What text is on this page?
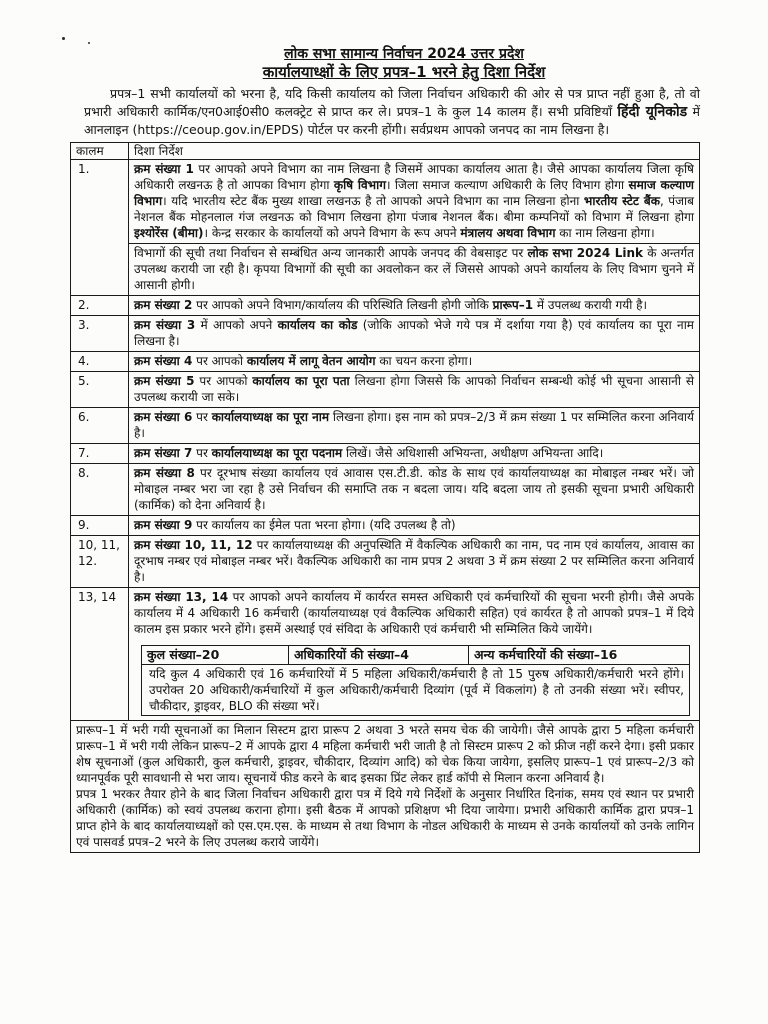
लोक सभा सामान्य निर्वाचन 2024 उत्तर प्रदेश

कार्यालयाध्क्षों के लिए प्रपत्र–1 भरने हेतु दिशा निर्देश

प्रपत्र–1 सभी कार्यालयों को भरना है, यदि किसी कार्यालय को जिला निर्वाचन अधिकारी की ओर से पत्र प्राप्त नहीं हुआ है, तो वो प्रभारी अधिकारी कार्मिक/एन0आई0सी0 कलक्ट्रेट से प्राप्त कर ले। प्रपत्र–1 के कुल 14 कालम हैं। सभी प्रविष्टियाँ हिंदी यूनिकोड में आनलाइन (https://ceoup.gov.in/EPDS) पोर्टल पर करनी होंगी। सर्वप्रथम आपको जनपद का नाम लिखना है।

कालम	दिशा निर्देश
1.	क्रम संख्या 1 पर आपको अपने विभाग का नाम लिखना है जिसमें आपका कार्यालय आता है। जैसे आपका कार्यालय जिला कृषि अधिकारी लखनऊ है तो आपका विभाग होगा कृषि विभाग। जिला समाज कल्याण अधिकारी के लिए विभाग होगा समाज कल्याण विभाग। यदि भारतीय स्टेट बैंक मुख्य शाखा लखनऊ है तो आपको अपने विभाग का नाम लिखना होना भारतीय स्टेट बैंक, पंजाब नेशनल बैंक मोहनलाल गंज लखनऊ को विभाग लिखना होगा पंजाब नेशनल बैंक। बीमा कम्पनियों को विभाग में लिखना होगा इश्योरेंस (बीमा)। केन्द्र सरकार के कार्यालयों को अपने विभाग के रूप अपने मंत्रालय अथवा विभाग का नाम लिखना होगा।
विभागों की सूची तथा निर्वाचन से सम्बंधित अन्य जानकारी आपके जनपद की वेबसाइट पर लोक सभा 2024 Link के अन्तर्गत उपलब्ध करायी जा रही है। कृपया विभागों की सूची का अवलोकन कर लें जिससे आपको अपने कार्यालय के लिए विभाग चुनने में आसानी होगी।
2.	क्रम संख्या 2 पर आपको अपने विभाग/कार्यालय की परिस्थिति लिखनी होगी जोकि प्रारूप–1 में उपलब्ध करायी गयी है।
3.	क्रम संख्या 3 में आपको अपने कार्यालय का कोड (जोकि आपको भेजे गये पत्र में दर्शाया गया है) एवं कार्यालय का पूरा नाम लिखना है।
4.	क्रम संख्या 4 पर आपको कार्यालय में लागू वेतन आयोग का चयन करना होगा।
5.	क्रम संख्या 5 पर आपको कार्यालय का पूरा पता लिखना होगा जिससे कि आपको निर्वाचन सम्बन्धी कोई भी सूचना आसानी से उपलब्ध करायी जा सके।
6.	क्रम संख्या 6 पर कार्यालयाध्यक्ष का पूरा नाम लिखना होगा। इस नाम को प्रपत्र–2/3 में क्रम संख्या 1 पर सम्मिलित करना अनिवार्य है।
7.	क्रम संख्या 7 पर कार्यालयाध्यक्ष का पूरा पदनाम लिखें। जैसे अधिशासी अभियन्ता, अधीक्षण अभियन्ता आदि।
8.	क्रम संख्या 8 पर दूरभाष संख्या कार्यालय एवं आवास एस.टी.डी. कोड के साथ एवं कार्यालयाध्यक्ष का मोबाइल नम्बर भरें। जो मोबाइल नम्बर भरा जा रहा है उसे निर्वाचन की समाप्ति तक न बदला जाय। यदि बदला जाय तो इसकी सूचना प्रभारी अधिकारी (कार्मिक) को देना अनिवार्य है।
9.	क्रम संख्या 9 पर कार्यालय का ईमेल पता भरना होगा। (यदि उपलब्ध है तो)
10, 11, 12.	क्रम संख्या 10, 11, 12 पर कार्यालयाध्यक्ष की अनुपस्थिति में वैकल्पिक अधिकारी का नाम, पद नाम एवं कार्यालय, आवास का दूरभाष नम्बर एवं मोबाइल नम्बर भरें। वैकल्पिक अधिकारी का नाम प्रपत्र 2 अथवा 3 में क्रम संख्या 2 पर सम्मिलित करना अनिवार्य है।
13, 14	क्रम संख्या 13, 14 पर आपको अपने कार्यालय में कार्यरत समस्त अधिकारी एवं कर्मचारियों की सूचना भरनी होगी। जैसे अपके कार्यालय में 4 अधिकारी 16 कर्मचारी (कार्यालयाध्यक्ष एवं वैकल्पिक अधिकारी सहित) एवं कार्यरत है तो आपको प्रपत्र–1 में दिये कालम इस प्रकार भरने होंगे। इसमें अस्थाई एवं संविदा के अधिकारी एवं कर्मचारी भी सम्मिलित किये जायेंगे।
कुल संख्या–20	अधिकारियों की संख्या–4	अन्य कर्मचारियों की संख्या–16
यदि कुल 4 अधिकारी एवं 16 कर्मचारियों में 5 महिला अधिकारी/कर्मचारी है तो 15 पुरुष अधिकारी/कर्मचारी भरने होंगे। उपरोक्त 20 अधिकारी/कर्मचारियों में कुल अधिकारी/कर्मचारी दिव्यांग (पूर्व में विकलांग) है तो उनकी संख्या भरें। स्वीपर, चौकीदार, ड्राइवर, BLO की संख्या भरें।

प्रारूप–1 में भरी गयी सूचनाओं का मिलान सिस्टम द्वारा प्रारूप 2 अथवा 3 भरते समय चेक की जायेगी। जैसे आपके द्वारा 5 महिला कर्मचारी प्रारूप–1 में भरी गयी लेकिन प्रारूप–2 में आपके द्वारा 4 महिला कर्मचारी भरी जाती है तो सिस्टम प्रारूप 2 को फ्रीज नहीं करने देगा। इसी प्रकार शेष सूचनाओं (कुल अधिकारी, कुल कर्मचारी, ड्राइवर, चौकीदार, दिव्यांग आदि) को चेक किया जायेगा, इसलिए प्रारूप–1 एवं प्रारूप–2/3 को ध्यानपूर्वक पूरी सावधानी से भरा जाय। सूचनायें फीड करने के बाद इसका प्रिंट लेकर हार्ड कॉपी से मिलान करना अनिवार्य है।

प्रपत्र 1 भरकर तैयार होने के बाद जिला निर्वाचन अधिकारी द्वारा पत्र में दिये गये निर्देशों के अनुसार निर्धारित दिनांक, समय एवं स्थान पर प्रभारी अधिकारी (कार्मिक) को स्वयं उपलब्ध कराना होगा। इसी बैठक में आपको प्रशिक्षण भी दिया जायेगा। प्रभारी अधिकारी कार्मिक द्वारा प्रपत्र–1 प्राप्त होने के बाद कार्यालयाध्यक्षों को एस.एम.एस. के माध्यम से तथा विभाग के नोडल अधिकारी के माध्यम से उनके कार्यालयों को उनके लागिन एवं पासवर्ड प्रपत्र–2 भरने के लिए उपलब्ध कराये जायेंगे।
